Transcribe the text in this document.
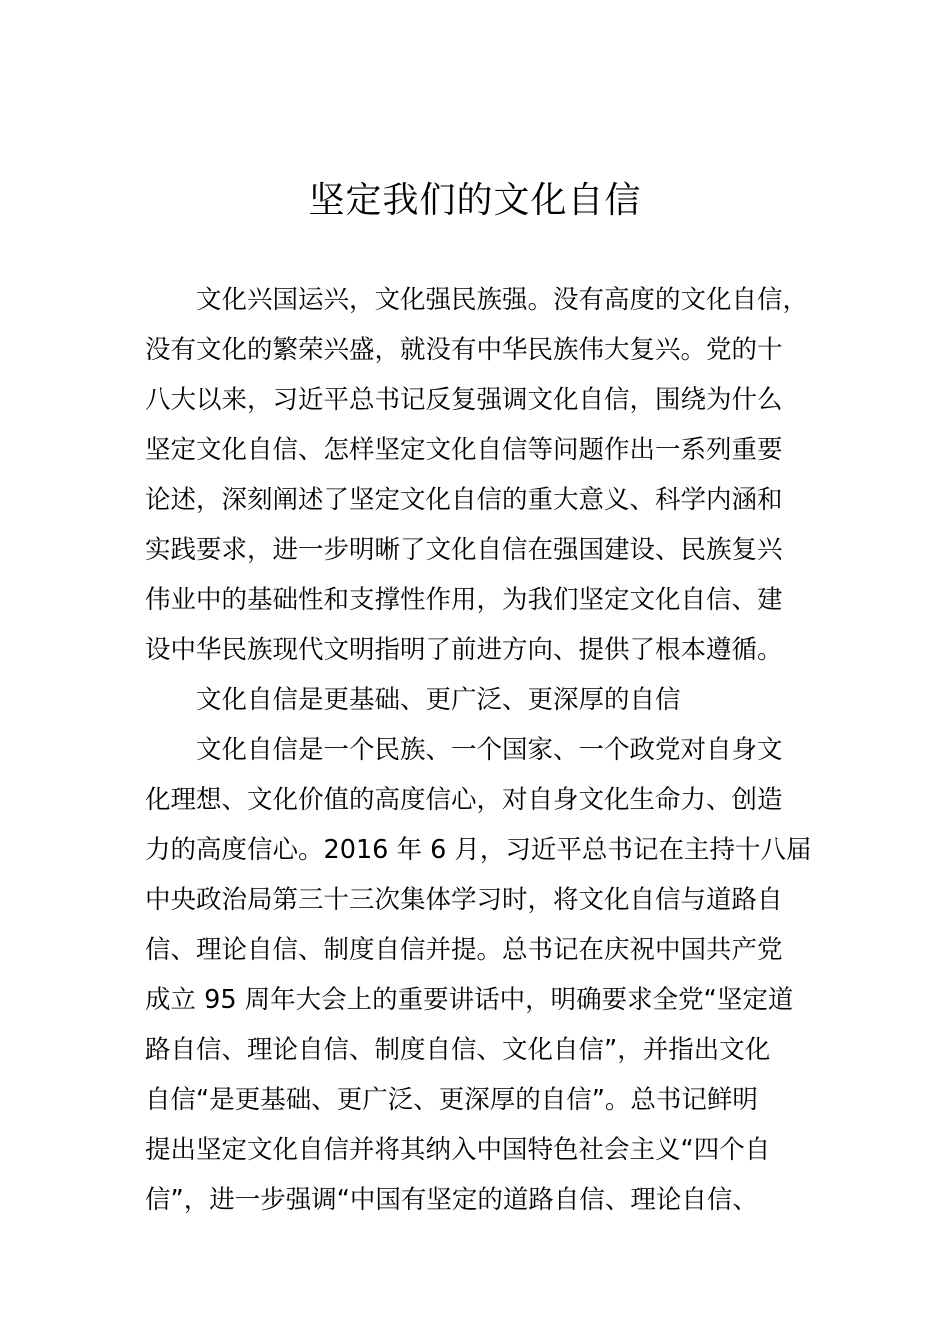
坚定我们的文化自信
文化兴国运兴，文化强民族强。没有高度的文化自信，
没有文化的繁荣兴盛，就没有中华民族伟大复兴。党的十
八大以来，习近平总书记反复强调文化自信，围绕为什么
坚定文化自信、怎样坚定文化自信等问题作出一系列重要
论述，深刻阐述了坚定文化自信的重大意义、科学内涵和
实践要求，进一步明晰了文化自信在强国建设、民族复兴
伟业中的基础性和支撑性作用，为我们坚定文化自信、建
设中华民族现代文明指明了前进方向、提供了根本遵循。
文化自信是更基础、更广泛、更深厚的自信
文化自信是一个民族、一个国家、一个政党对自身文
化理想、文化价值的高度信心，对自身文化生命力、创造
力的高度信心。2016 年 6 月，习近平总书记在主持十八届
中央政治局第三十三次集体学习时，将文化自信与道路自
信、理论自信、制度自信并提。总书记在庆祝中国共产党
成立 95 周年大会上的重要讲话中，明确要求全党“坚定道
路自信、理论自信、制度自信、文化自信”，并指出文化
自信“是更基础、更广泛、更深厚的自信”。总书记鲜明
提出坚定文化自信并将其纳入中国特色社会主义“四个自
信”，进一步强调“中国有坚定的道路自信、理论自信、
